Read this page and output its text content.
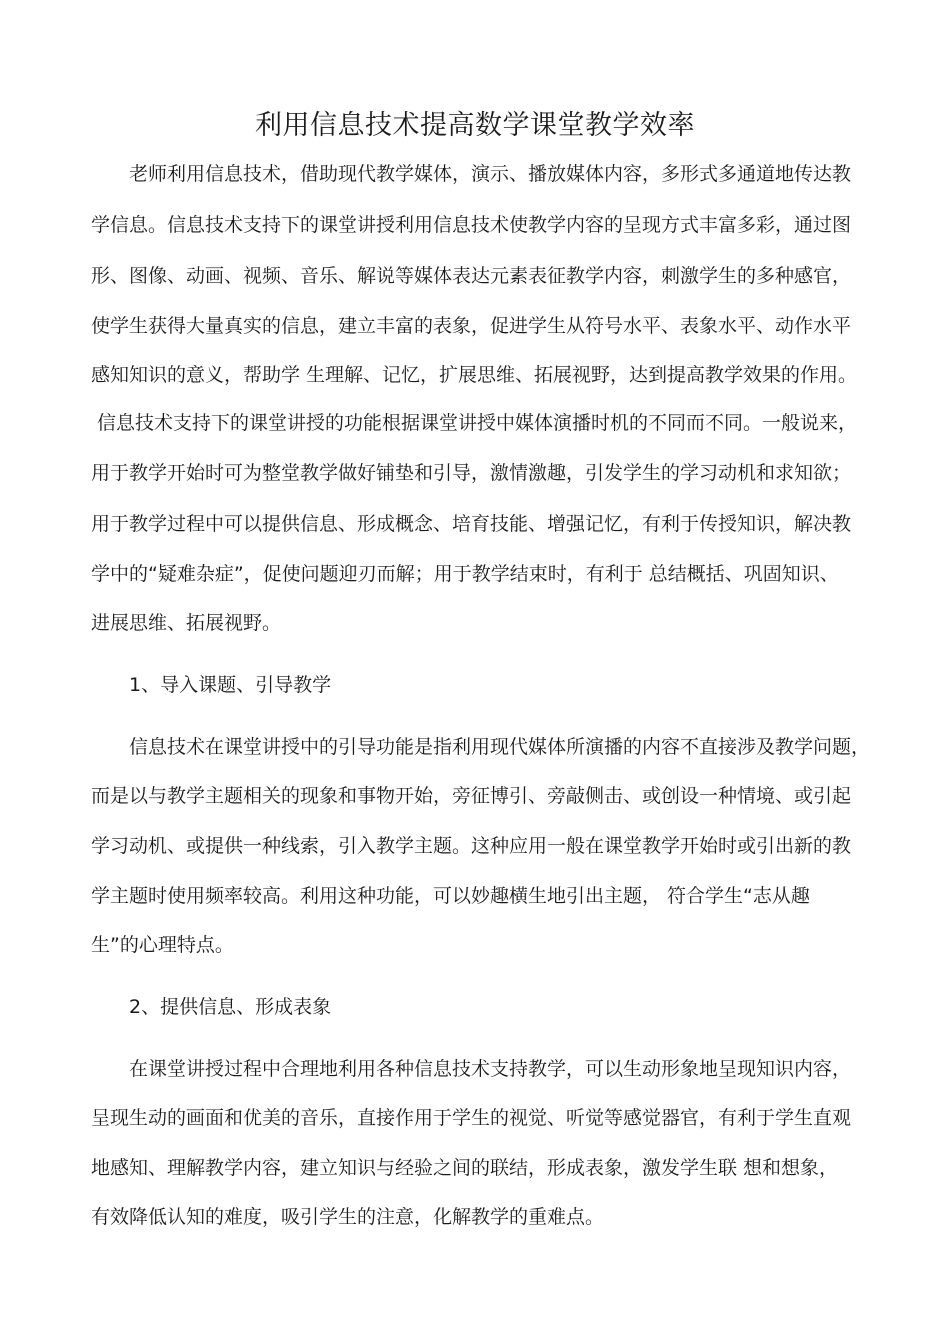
利用信息技术提高数学课堂教学效率

老师利用信息技术，借助现代教学媒体，演示、播放媒体内容，多形式多通道地传达教

学信息。信息技术支持下的课堂讲授利用信息技术使教学内容的呈现方式丰富多彩，通过图

形、图像、动画、视频、音乐、解说等媒体表达元素表征教学内容，刺激学生的多种感官，

使学生获得大量真实的信息，建立丰富的表象，促进学生从符号水平、表象水平、动作水平

感知知识的意义，帮助学 生理解、记忆，扩展思维、拓展视野，达到提高教学效果的作用。

信息技术支持下的课堂讲授的功能根据课堂讲授中媒体演播时机的不同而不同。一般说来，

用于教学开始时可为整堂教学做好铺垫和引导，激情激趣，引发学生的学习动机和求知欲；

用于教学过程中可以提供信息、形成概念、培育技能、增强记忆，有利于传授知识，解决教

学中的“疑难杂症”，促使问题迎刃而解；用于教学结束时，有利于 总结概括、巩固知识、

进展思维、拓展视野。

1、导入课题、引导教学

信息技术在课堂讲授中的引导功能是指利用现代媒体所演播的内容不直接涉及教学问题，

而是以与教学主题相关的现象和事物开始，旁征博引、旁敲侧击、或创设一种情境、或引起

学习动机、或提供一种线索，引入教学主题。这种应用一般在课堂教学开始时或引出新的教

学主题时使用频率较高。利用这种功能，可以妙趣横生地引出主题， 符合学生“志从趣

生”的心理特点。

2、提供信息、形成表象

在课堂讲授过程中合理地利用各种信息技术支持教学，可以生动形象地呈现知识内容，

呈现生动的画面和优美的音乐，直接作用于学生的视觉、听觉等感觉器官，有利于学生直观

地感知、理解教学内容，建立知识与经验之间的联结，形成表象，激发学生联 想和想象，

有效降低认知的难度，吸引学生的注意，化解教学的重难点。
